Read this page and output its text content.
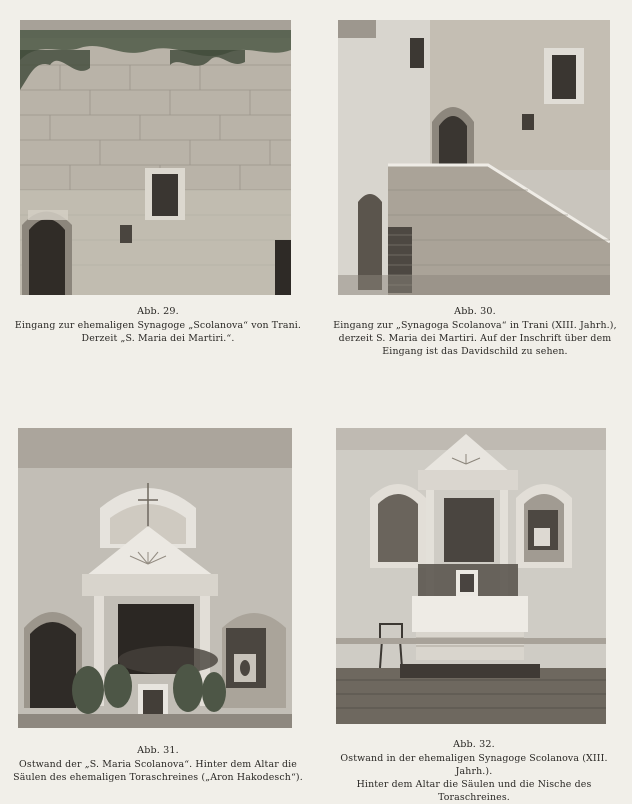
Abb. 29.
Eingang zur ehemaligen Synagoge „Scolanova“ von Trani.
Derzeit „S. Maria dei Martiri.“.
Abb. 30.
Eingang zur „Synagoga Scolanova“ in Trani (XIII. Jahrh.),
derzeit S. Maria dei Martiri. Auf der Inschrift über dem
Eingang ist das Davidschild zu sehen.
Abb. 31.
Ostwand der „S. Maria Scolanova“. Hinter dem Altar die
Säulen des ehemaligen Toraschreines („Aron Hakodesch“).
Abb. 32.
Ostwand in der ehemaligen Synagoge Scolanova (XIII. Jahrh.).
Hinter dem Altar die Säulen und die Nische des Toraschreines.
